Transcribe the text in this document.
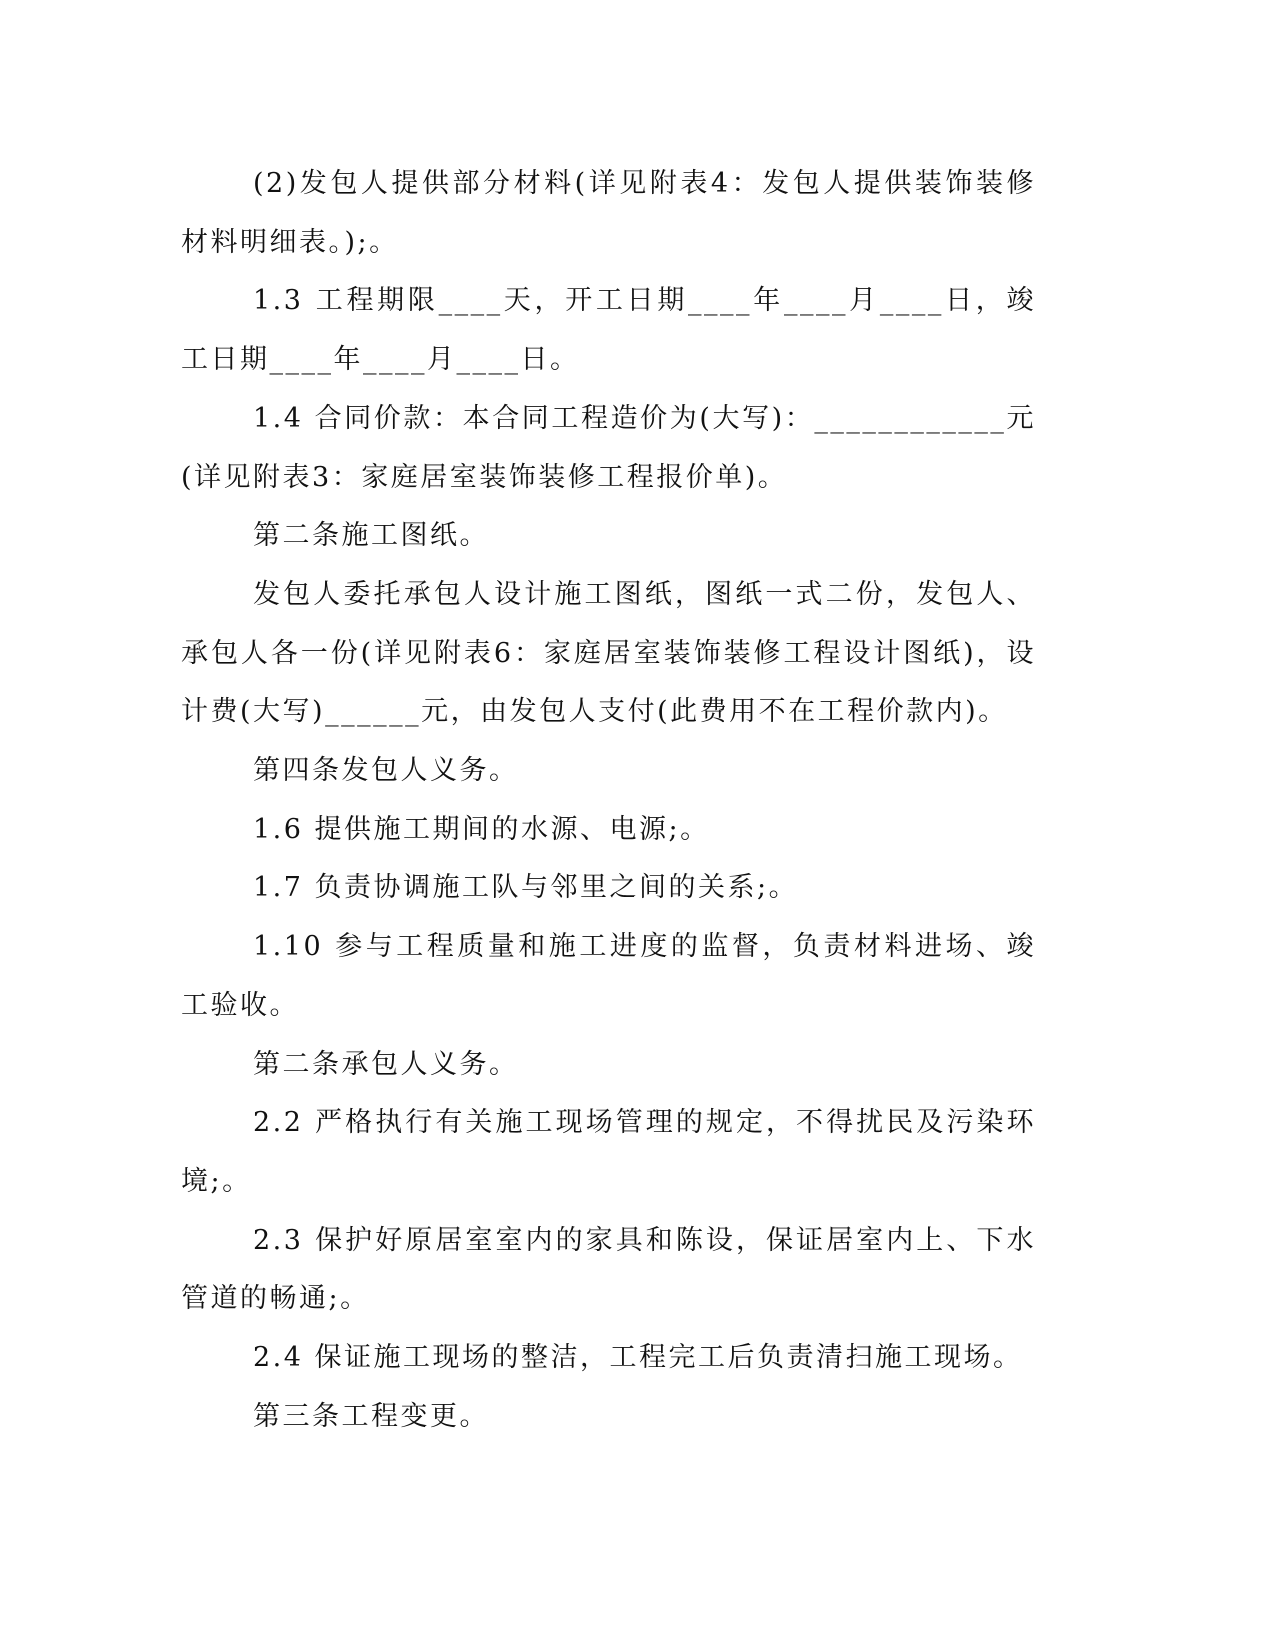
(2)发包人提供部分材料(详见附表4：发包人提供装饰装修材料明细表。);。

1.3 工程期限____天，开工日期____年____月____日，竣工日期____年____月____日。

1.4 合同价款：本合同工程造价为(大写)：____________元(详见附表3：家庭居室装饰装修工程报价单)。

第二条施工图纸。

发包人委托承包人设计施工图纸，图纸一式二份，发包人、承包人各一份(详见附表6：家庭居室装饰装修工程设计图纸)，设计费(大写)______元，由发包人支付(此费用不在工程价款内)。

第四条发包人义务。

1.6 提供施工期间的水源、电源;。

1.7 负责协调施工队与邻里之间的关系;。

1.10 参与工程质量和施工进度的监督，负责材料进场、竣工验收。

第二条承包人义务。

2.2 严格执行有关施工现场管理的规定，不得扰民及污染环境;。

2.3 保护好原居室室内的家具和陈设，保证居室内上、下水管道的畅通;。

2.4 保证施工现场的整洁，工程完工后负责清扫施工现场。

第三条工程变更。
